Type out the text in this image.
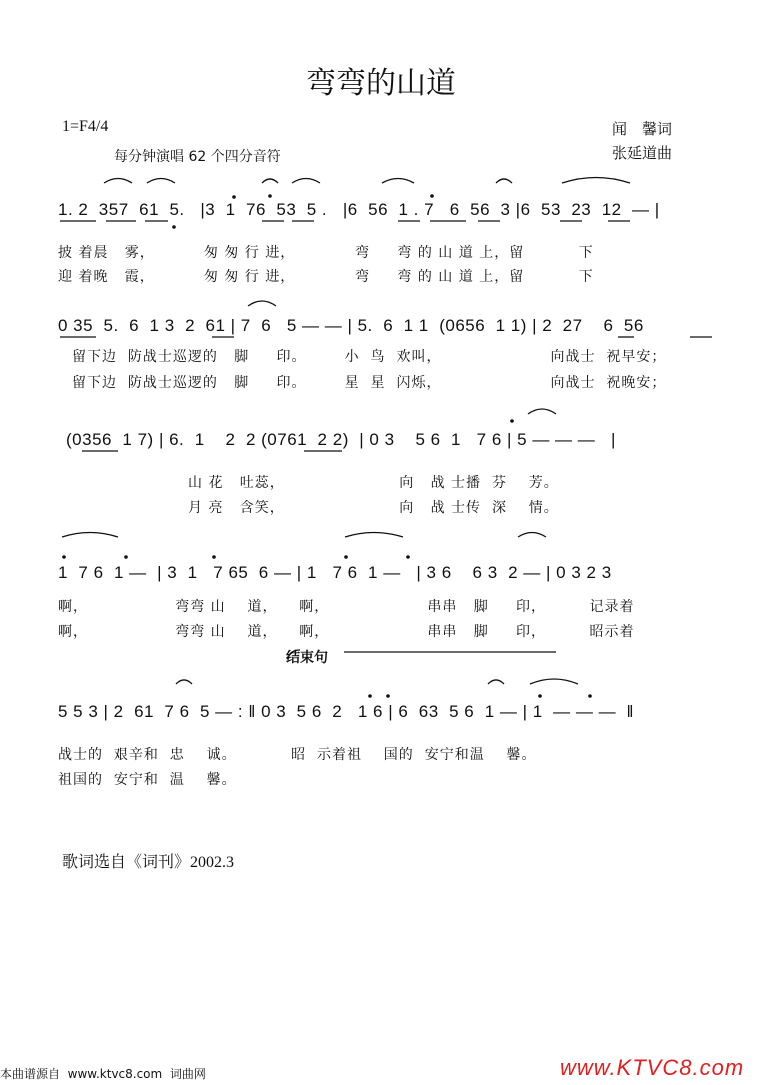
弯弯的山道
1=F4/4
每分钟演唱 62 个四分音符
闻　馨词
张延道曲
1. 2  357  61  5.   |3  1  76  53  5 .   |6  56  1 . 7   6  56  3 |6  53  23  12  — |
披 着晨   雾，         匆 匆 行 进，           弯     弯 的 山 道 上，留          下
迎 着晚   霞，         匆 匆 行 进，           弯     弯 的 山 道 上，留          下
0 35  5.  6  1 3  2  61 | 7  6   5 — — | 5.  6  1 1  (0656  1 1) | 2  27    6  56
留下边  防战士巡逻的   脚     印。       小  鸟  欢叫，                    向战士  祝早安；
留下边  防战士巡逻的   脚     印。       星  星  闪烁，                    向战士  祝晚安；
(0356  1 7) | 6.  1    2  2 (0761  2 2)  | 0 3    5 6  1   7 6 | 5 — — —   |
山 花   吐蕊，                     向   战 士播  芬    芳。
月 亮   含笑，                     向   战 士传  深    情。
1  7 6  1 —  | 3  1   7 65  6 — | 1   7 6  1 —   | 3 6    6 3  2 — | 0 3 2 3
啊，                弯弯 山    道，    啊，                  串串   脚     印，        记录着
啊，                弯弯 山    道，    啊，                  串串   脚     印，        昭示着
结束句
5 5 3 | 2  61  7 6  5 — : ‖ 0 3  5 6  2   1 6 | 6  63  5 6  1 — | 1  — — —  ‖
战士的  艰辛和  忠    诚。          昭  示着祖    国的  安宁和温    馨。
祖国的  安宁和  温    馨。
歌词选自《词刊》2002.3
本曲谱源自  www.ktvc8.com  词曲网	www.KTVC8.com
